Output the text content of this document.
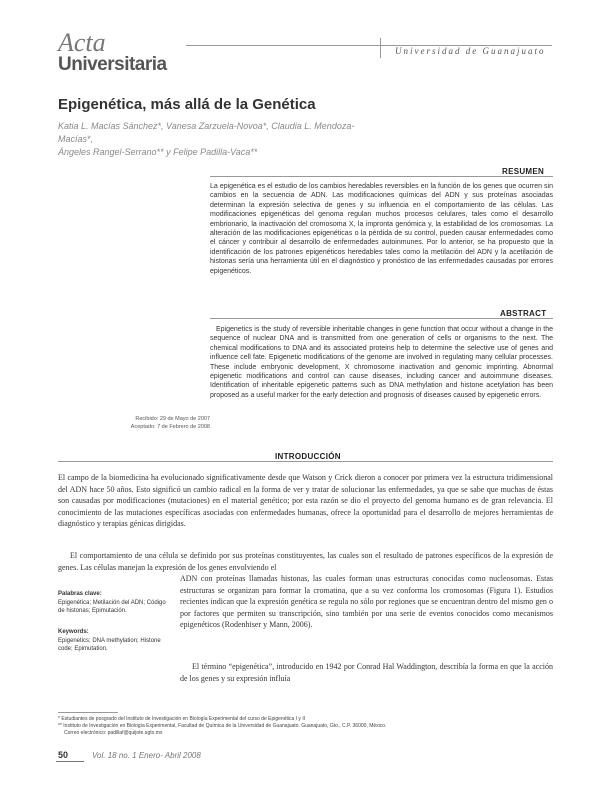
Acta
Universitaria
Universidad de Guanajuato
Epigenética, más allá de la Genética
Katia L. Macías Sánchez*, Vanesa Zarzuela-Novoa*, Claudia L. Mendoza-Macías*,
Ángeles Rangel-Serrano** y Felipe Padilla-Vaca**
RESUMEN
La epigenética es el estudio de los cambios heredables reversibles en la función de los genes que ocurren sin cambios en la secuencia de ADN. Las modificaciones químicas del ADN y sus proteínas asociadas determinan la expresión selectiva de genes y su influencia en el comportamiento de las células. Las modificaciones epigenéticas del genoma regulan muchos procesos celulares, tales como el desarrollo embrionario, la inactivación del cromosoma X, la impronta genómica y, la estabilidad de los cromosomas. La alteración de las modificaciones epigenéticas o la pérdida de su control, pueden causar enfermedades como el cáncer y contribuir al desarrollo de enfermedades autoinmunes. Por lo anterior, se ha propuesto que la identificación de los patrones epigenéticos heredables tales como la metilación del ADN y la acetilación de histonas sería una herramienta útil en el diagnóstico y pronóstico de las enfermedades causadas por errores epigenéticos.
ABSTRACT
Epigenetics is the study of reversible inheritable changes in gene function that occur without a change in the sequence of nuclear DNA and is transmitted from one generation of cells or organisms to the next. The chemical modifications to DNA and its associated proteins help to determine the selective use of genes and influence cell fate. Epigenetic modifications of the genome are involved in regulating many cellular processes. These include embryonic development, X chromosome inactivation and genomic imprinting. Abnormal epigenetic modifications and control can cause diseases, including cancer and autoimmune diseases. Identification of inheritable epigenetic patterns such as DNA methylation and histone acetylation has been proposed as a useful marker for the early detection and prognosis of diseases caused by epigenetic errors.
Recibido: 29 de Mayo de 2007
Aceptado: 7 de Febrero de 2008
INTRODUCCIÓN
El campo de la biomedicina ha evolucionado significativamente desde que Watson y Crick dieron a conocer por primera vez la estructura tridimensional del ADN hace 50 años. Esto significó un cambio radical en la forma de ver y tratar de solucionar las enfermedades, ya que se sabe que muchas de éstas son causadas por modificaciones (mutaciones) en el material genético; por esta razón se dio el proyecto del genoma humano es de gran relevancia. El conocimiento de las mutaciones específicas asociadas con enfermedades humanas, ofrece la oportunidad para el desarrollo de mejores herramientas de diagnóstico y terapias génicas dirigidas.
El comportamiento de una célula se definido por sus proteínas constituyentes, las cuales son el resultado de patrones específicos de la expresión de genes. Las células manejan la expresión de los genes envolviendo el
ADN con proteínas llamadas histonas, las cuales forman unas estructuras conocidas como nucleosomas. Estas estructuras se organizan para formar la cromatina, que a su vez conforma los cromosomas (Figura 1). Estudios recientes indican que la expresión genética se regula no sólo por regiones que se encuentran dentro del mismo gen o por factores que permiten su transcripción, sino también por una serie de eventos conocidos como mecanismos epigenéticos (Rodenhiser y Mann, 2006).
El término “epigenética”, introducido en 1942 por Conrad Hal Waddington, describía la forma en que la acción de los genes y su expresión influía
Palabras clave:
Epigenética; Metilación del ADN; Código de histonas; Epimutación.
Keywords:
Epigenetics; DNA methylation; Histone code; Epimutation.
* Estudiantes de posgrado del Instituto de Investigación en Biología Experimental del curso de Epigenética I y II
** Instituto de Investigación en Biología Experimental, Facultad de Química de la Universidad de Guanajuato. Guanajuato, Gto., C.P. 36000, México.
Correo electrónico: padillaf@quijote.ugto.mx
50	Vol. 18 no. 1 Enero- Abril 2008
